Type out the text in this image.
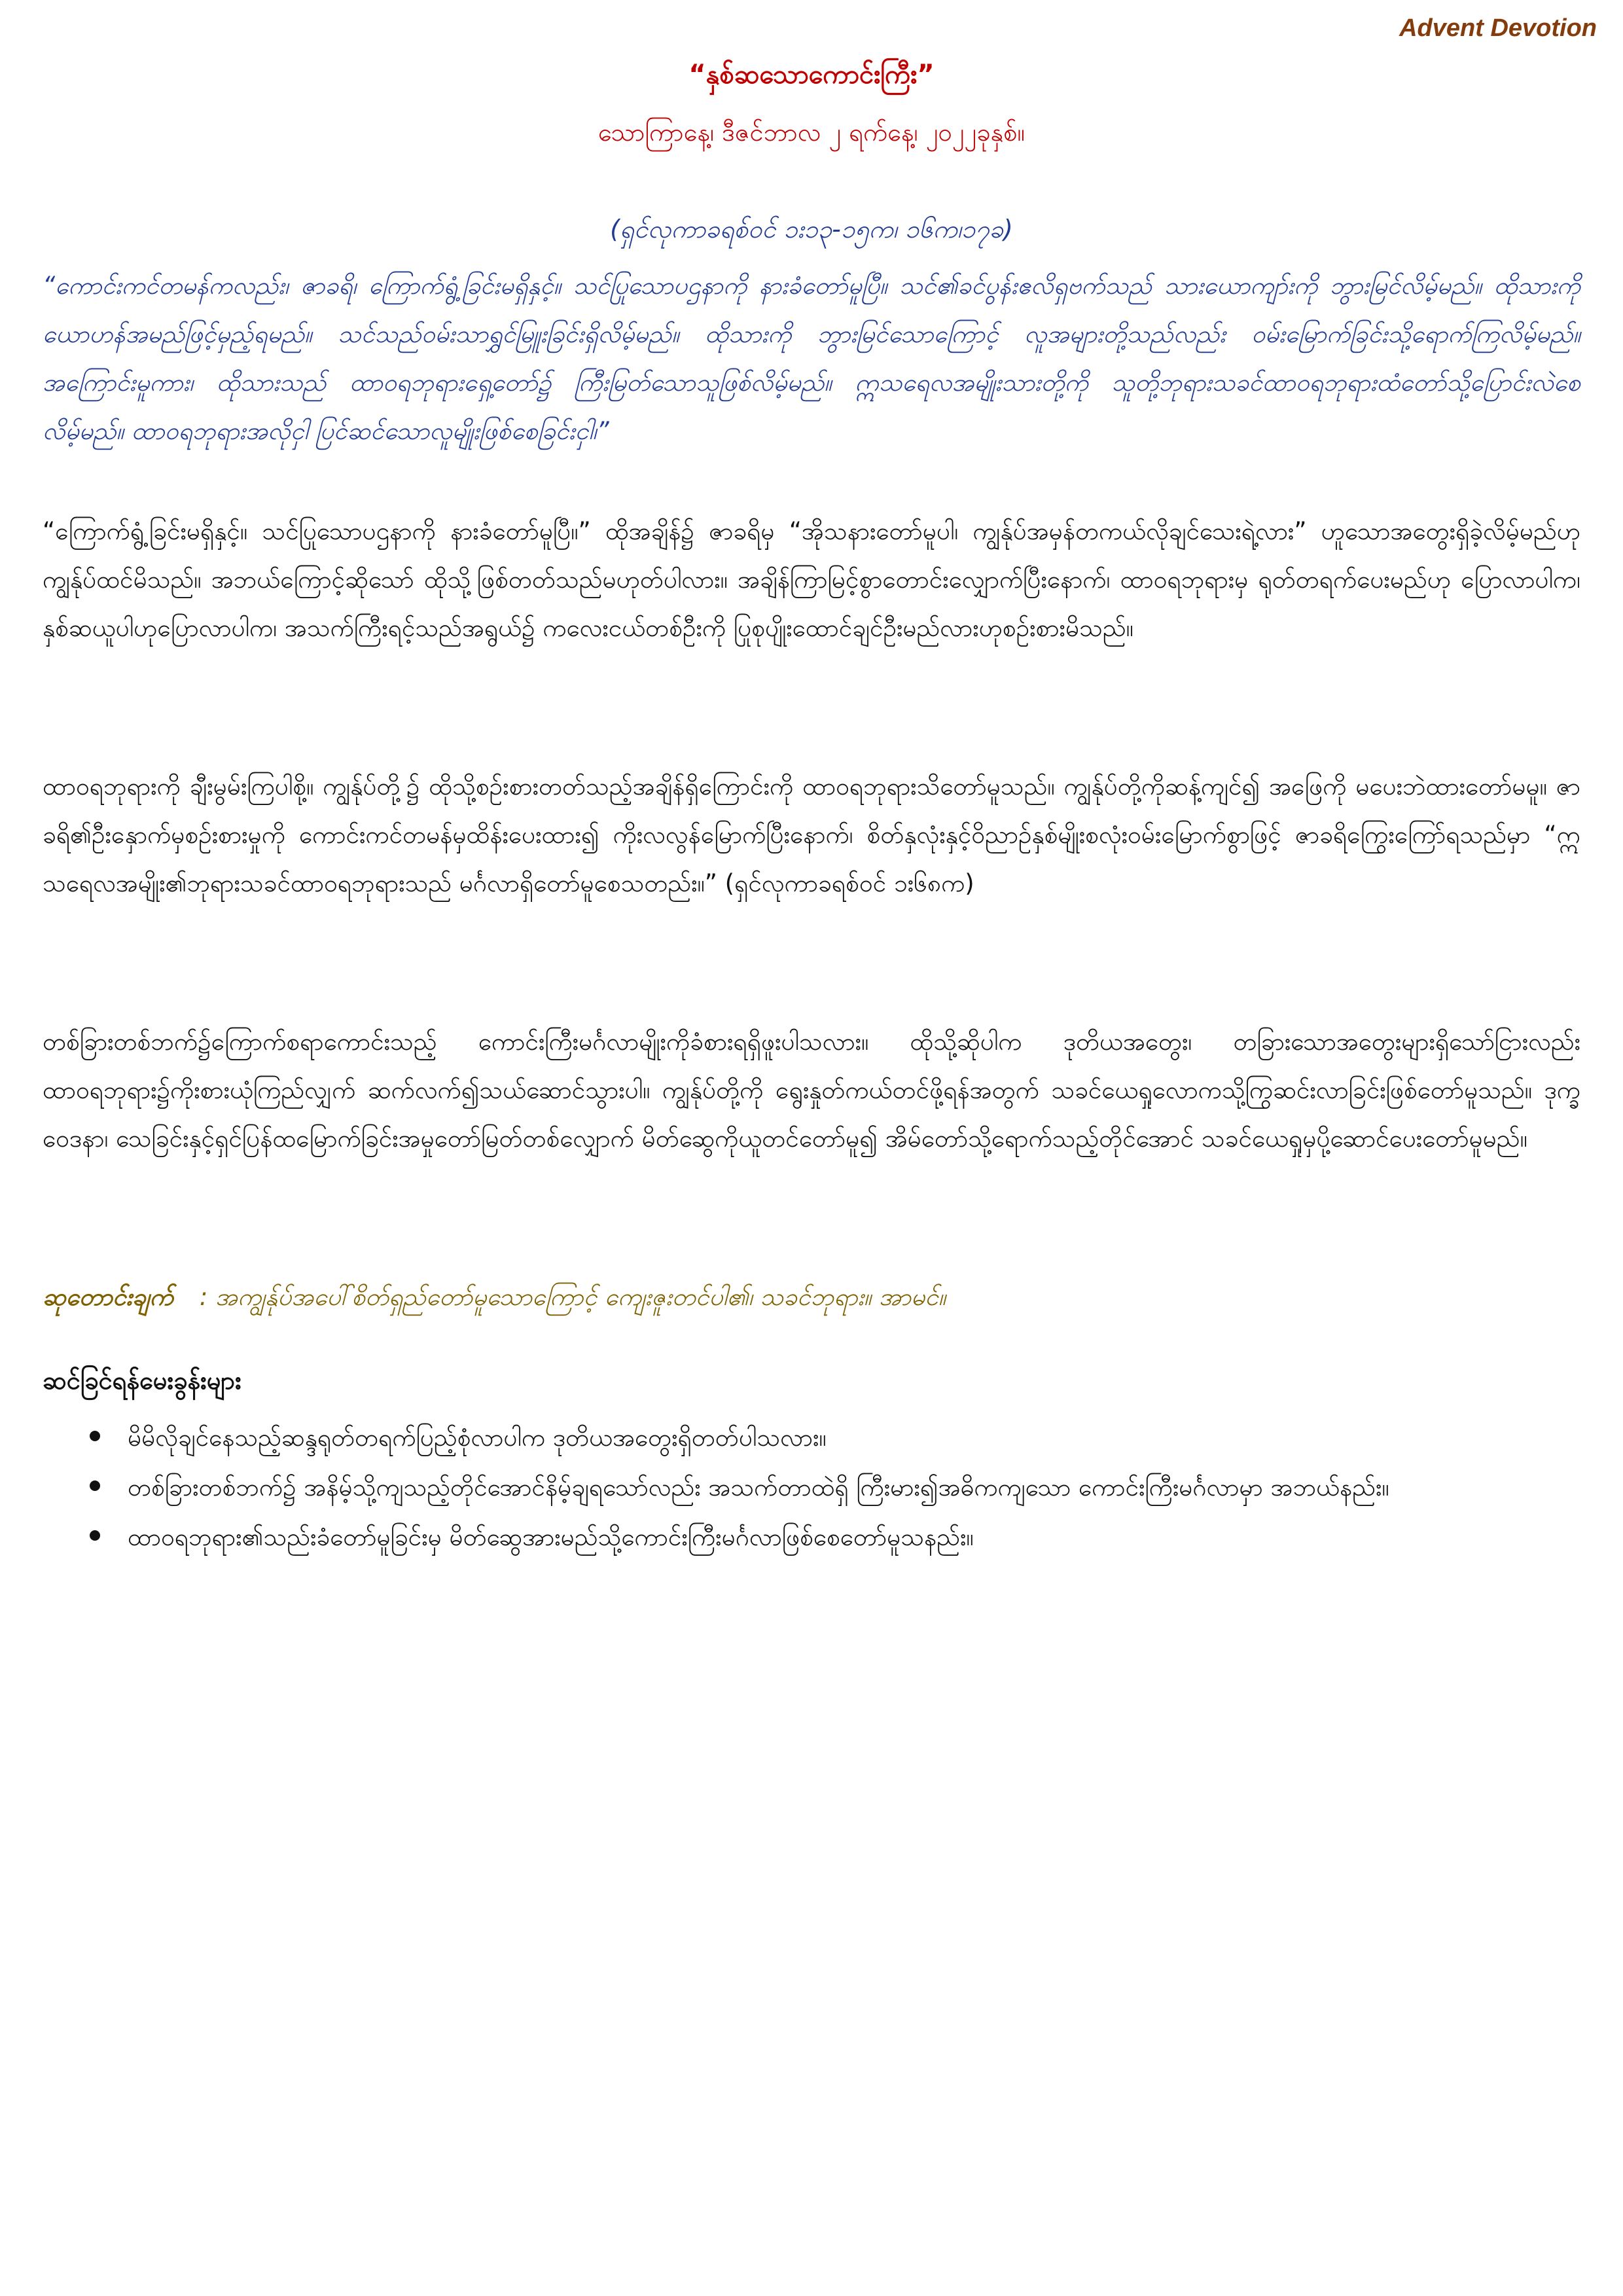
Advent Devotion
“နှစ်ဆသောကောင်းကြီး”
သောကြာနေ့၊ ဒီဇင်ဘာလ ၂ ရက်နေ့၊ ၂၀၂၂ခုနှစ်။
(ရှင်လုကာခရစ်ဝင် ၁း၁၃-၁၅က၊ ၁၆က၊၁၇ခ)
“ကောင်းကင်တမန်ကလည်း၊ ဇာခရိ၊ ကြောက်ရွံ့ခြင်းမရှိနှင့်။ သင်ပြုသောပဌနာကို နားခံတော်မူပြီ။ သင်၏ခင်ပွန်းဧလိရှဗက်သည် သားယောကျာ်းကို ဘွားမြင်လိမ့်မည်။ ထိုသားကို ယောဟန်အမည်ဖြင့်မှည့်ရမည်။ သင်သည်ဝမ်းသာရွှင်မြူးခြင်းရှိလိမ့်မည်။ ထိုသားကို ဘွားမြင်သောကြောင့် လူအများတို့သည်လည်း ဝမ်းမြောက်ခြင်းသို့ရောက်ကြလိမ့်မည်။ အကြောင်းမူကား၊ ထိုသားသည် ထာဝရဘုရားရှေ့တော်၌ ကြီးမြတ်သောသူဖြစ်လိမ့်မည်။ ဣသရေလအမျိုးသားတို့ကို သူတို့ဘုရားသခင်ထာဝရဘုရားထံတော်သို့ပြောင်းလဲစေလိမ့်မည်။ ထာဝရဘုရားအလိုငှါ ပြင်ဆင်သောလူမျိုးဖြစ်စေခြင်းငှါ၊”
“ကြောက်ရွံ့ခြင်းမရှိနှင့်။ သင်ပြုသောပဌနာကို နားခံတော်မူပြီ။” ထိုအချိန်၌ ဇာခရိမှ “အိုသနားတော်မူပါ၊ ကျွန်ုပ်အမှန်တကယ်လိုချင်သေးရဲ့လား” ဟူသောအတွေးရှိခဲ့လိမ့်မည်ဟု ကျွန်ုပ်ထင်မိသည်။ အဘယ်ကြောင့်ဆိုသော် ထိုသို့ဖြစ်တတ်သည်မဟုတ်ပါလား။ အချိန်ကြာမြင့်စွာတောင်းလျှောက်ပြီးနောက်၊ ထာဝရဘုရားမှ ရုတ်တရက်ပေးမည်ဟု ပြောလာပါက၊ နှစ်ဆယူပါဟုပြောလာပါက၊ အသက်ကြီးရင့်သည်အရွယ်၌ ကလေးငယ်တစ်ဦးကို ပြုစုပျိုးထောင်ချင်ဦးမည်လားဟုစဉ်းစားမိသည်။
ထာဝရဘုရားကို ချီးမွမ်းကြပါစို့။ ကျွန်ုပ်တို့၌ ထိုသို့စဉ်းစားတတ်သည့်အချိန်ရှိကြောင်းကို ထာဝရဘုရားသိတော်မူသည်။ ကျွန်ုပ်တို့ကိုဆန့်ကျင်၍ အဖြေကို မပေးဘဲထားတော်မမူ။ ဇာခရိ၏ဦးနှောက်မှစဉ်းစားမှုကို ကောင်းကင်တမန်မှထိန်းပေးထား၍ ကိုးလလွန်မြောက်ပြီးနောက်၊ စိတ်နှလုံးနှင့်ဝိညာဉ်နှစ်မျိုးစလုံးဝမ်းမြောက်စွာဖြင့် ဇာခရိကြွေးကြော်ရသည်မှာ “ဣသရေလအမျိုး၏ဘုရားသခင်ထာဝရဘုရားသည် မင်္ဂလာရှိတော်မူစေသတည်း။” (ရှင်လုကာခရစ်ဝင် ၁း၆၈က)
တစ်ခြားတစ်ဘက်၌ကြောက်စရာကောင်းသည့် ကောင်းကြီးမင်္ဂလာမျိုးကိုခံစားရရှိဖူးပါသလား။ ထိုသို့ဆိုပါက ဒုတိယအတွေး၊ တခြားသောအတွေးများရှိသော်ငြားလည်း ထာဝရဘုရား၌ကိုးစားယုံကြည်လျှက် ဆက်လက်၍သယ်ဆောင်သွားပါ။ ကျွန်ုပ်တို့ကို ရွေးနှုတ်ကယ်တင်ဖို့ရန်အတွက် သခင်ယေရှုလောကသို့ကြွဆင်းလာခြင်းဖြစ်တော်မူသည်။ ဒုက္ခဝေဒနာ၊ သေခြင်းနှင့်ရှင်ပြန်ထမြောက်ခြင်းအမှုတော်မြတ်တစ်လျှောက် မိတ်ဆွေကိုယူတင်တော်မူ၍ အိမ်တော်သို့ရောက်သည့်တိုင်အောင် သခင်ယေရှုမှပို့ဆောင်ပေးတော်မူမည်။
ဆုတောင်းချက် : အကျွန်ုပ်အပေါ်စိတ်ရှည်တော်မူသောကြောင့် ကျေးဇူးတင်ပါ၏၊ သခင်ဘုရား။ အာမင်။
ဆင်ခြင်ရန်မေးခွန်းများ
မိမိလိုချင်နေသည့်ဆန္ဒရုတ်တရက်ပြည့်စုံလာပါက ဒုတိယအတွေးရှိတတ်ပါသလား။
တစ်ခြားတစ်ဘက်၌ အနိမ့်သို့ကျသည့်တိုင်အောင်နိမ့်ချရသော်လည်း အသက်တာထဲရှိ ကြီးမား၍အဓိကကျသော ကောင်းကြီးမင်္ဂလာမှာ အဘယ်နည်း။
ထာဝရဘုရား၏သည်းခံတော်မူခြင်းမှ မိတ်ဆွေအားမည်သို့ကောင်းကြီးမင်္ဂလာဖြစ်စေတော်မူသနည်း။
